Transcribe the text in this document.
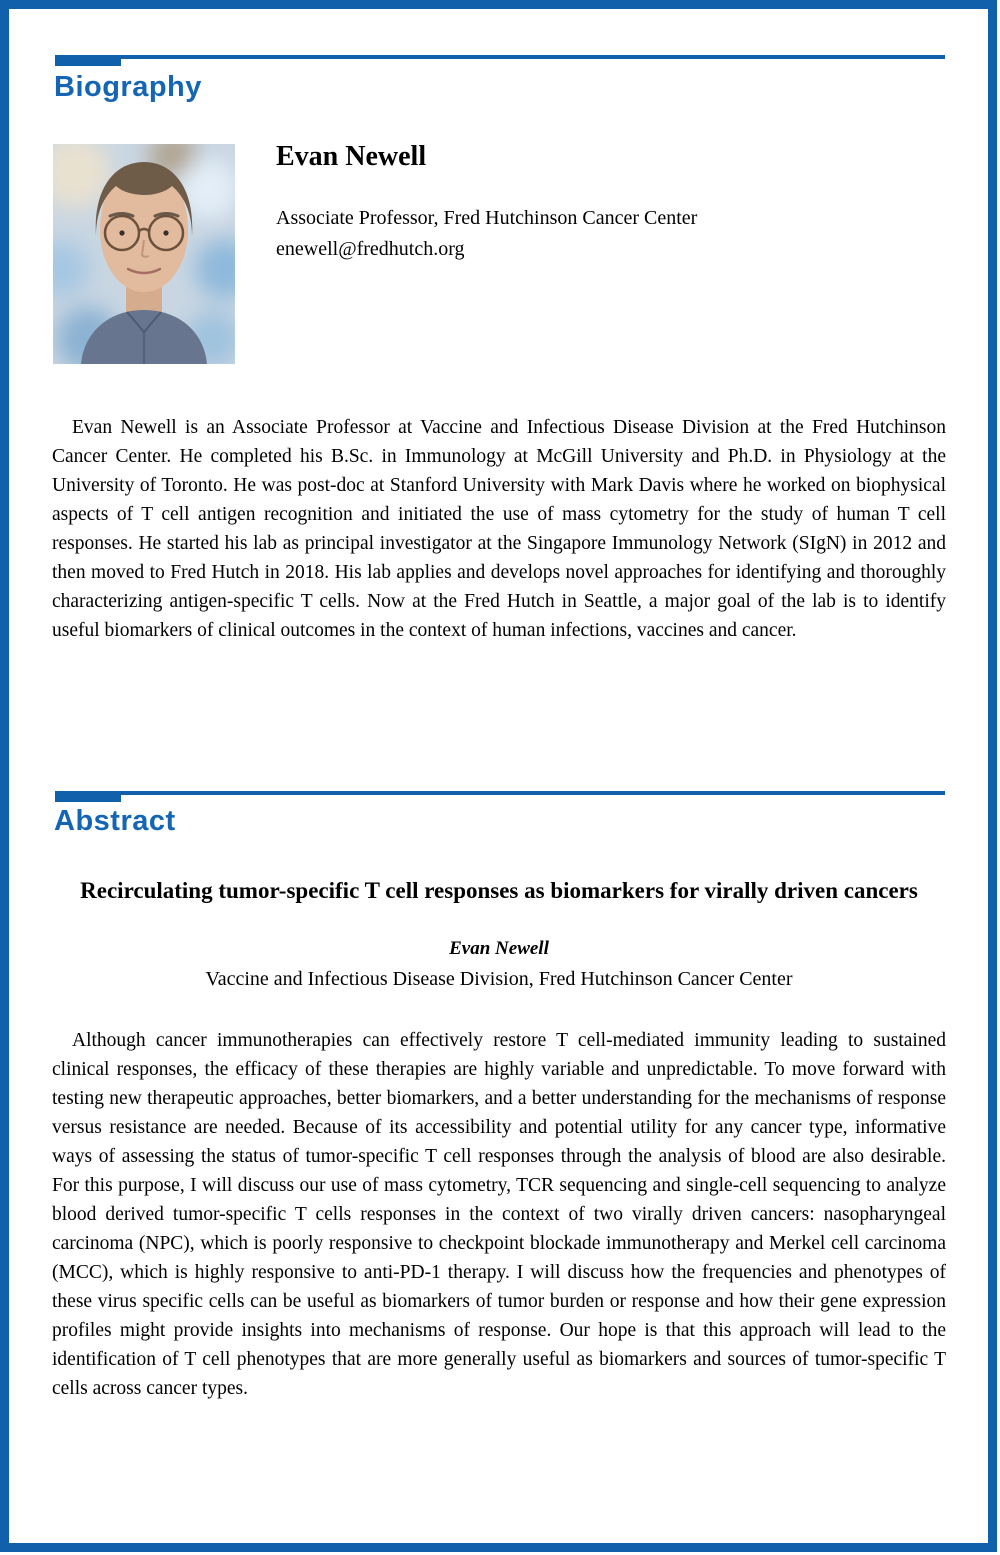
Biography
Evan Newell

Associate Professor, Fred Hutchinson Cancer Center

enewell@fredhutch.org

Evan Newell is an Associate Professor at Vaccine and Infectious Disease Division at the Fred Hutchinson Cancer Center. He completed his B.Sc. in Immunology at McGill University and Ph.D. in Physiology at the University of Toronto. He was post-doc at Stanford University with Mark Davis where he worked on biophysical aspects of T cell antigen recognition and initiated the use of mass cytometry for the study of human T cell responses. He started his lab as principal investigator at the Singapore Immunology Network (SIgN) in 2012 and then moved to Fred Hutch in 2018. His lab applies and develops novel approaches for identifying and thoroughly characterizing antigen-specific T cells. Now at the Fred Hutch in Seattle, a major goal of the lab is to identify useful biomarkers of clinical outcomes in the context of human infections, vaccines and cancer.

Abstract
Recirculating tumor-specific T cell responses as biomarkers for virally driven cancers

Evan Newell

Vaccine and Infectious Disease Division, Fred Hutchinson Cancer Center

Although cancer immunotherapies can effectively restore T cell-mediated immunity leading to sustained clinical responses, the efficacy of these therapies are highly variable and unpredictable. To move forward with testing new therapeutic approaches, better biomarkers, and a better understanding for the mechanisms of response versus resistance are needed. Because of its accessibility and potential utility for any cancer type, informative ways of assessing the status of tumor-specific T cell responses through the analysis of blood are also desirable. For this purpose, I will discuss our use of mass cytometry, TCR sequencing and single-cell sequencing to analyze blood derived tumor-specific T cells responses in the context of two virally driven cancers: nasopharyngeal carcinoma (NPC), which is poorly responsive to checkpoint blockade immunotherapy and Merkel cell carcinoma (MCC), which is highly responsive to anti-PD-1 therapy. I will discuss how the frequencies and phenotypes of these virus specific cells can be useful as biomarkers of tumor burden or response and how their gene expression profiles might provide insights into mechanisms of response. Our hope is that this approach will lead to the identification of T cell phenotypes that are more generally useful as biomarkers and sources of tumor-specific T cells across cancer types.
